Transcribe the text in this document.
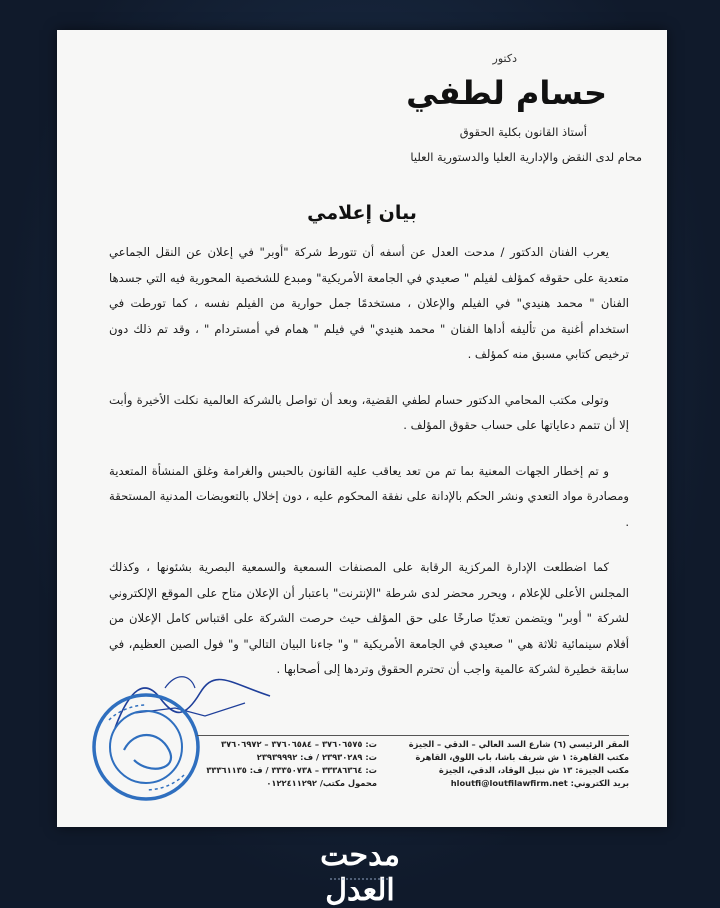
دكتور
حسام لطفي
أستاذ القانون بكلية الحقوق
محام لدى النقض والإدارية العليا والدستورية العليا
بيان إعلامي

يعرب الفنان الدكتور / مدحت العدل عن أسفه أن تتورط شركة "أوبر" في إعلان عن النقل الجماعي متعدية على حقوقه كمؤلف لفيلم " صعيدي في الجامعة الأمريكية" ومبدع للشخصية المحورية فيه التي جسدها الفنان " محمد هنيدي" في الفيلم والإعلان ، مستخدمًا جمل حوارية من الفيلم نفسه ، كما تورطت في استخدام أغنية من تأليفه أداها الفنان " محمد هنيدي" في فيلم " همام في أمستردام " ، وقد تم ذلك دون ترخيص كتابي مسبق منه كمؤلف .

وتولى مكتب المحامي الدكتور حسام لطفي القضية، وبعد أن تواصل بالشركة العالمية نكلت الأخيرة وأبت إلا أن تتمم دعاياتها على حساب حقوق المؤلف .

و تم إخطار الجهات المعنية بما تم من تعد يعاقب عليه القانون بالحبس والغرامة وغلق المنشأة المتعدية ومصادرة مواد التعدي ونشر الحكم بالإدانة على نفقة المحكوم عليه ، دون إخلال بالتعويضات المدنية المستحقة .

كما اضطلعت الإدارة المركزية الرقابة على المصنفات السمعية والسمعية البصرية بشئونها ، وكذلك المجلس الأعلى للإعلام ، ويحرر محضر لدى شرطة "الإنترنت" باعتبار أن الإعلان متاح على الموقع الإلكتروني لشركة " أوبر" ويتضمن تعديًا صارخًا على حق المؤلف حيث حرصت الشركة على اقتباس كامل الإعلان من أفلام سينمائية ثلاثة هي " صعيدي في الجامعة الأمريكية " و" جاءنا البيان التالي" و" فول الصين العظيم، في سابقة خطيرة لشركة عالمية واجب أن تحترم الحقوق وتردها إلى أصحابها .

المقر الرئيسي (٦) شارع السد العالي – الدقي – الجيزة
مكتب القاهرة: ١ ش شريف باشا، باب اللوق، القاهرة
مكتب الجيزة: ١٣ ش نبيل الوقاد، الدقي، الجيزة
بريد الكتروني: hloutfi@loutfilawfirm.net
ت: ٣٧٦٠٦٥٧٥ – ٣٧٦٠٦٥٨٤ – ٣٧٦٠٦٩٧٢
ت: ٢٣٩٣٠٢٨٩ / ف: ٢٣٩٣٩٩٩٢
ت: ٣٣٣٨٦٣٦٤ – ٣٣٣٥٠٧٣٨ / ف: ٣٣٣٦١١٣٥
محمول مكتب/ ٠١٢٢٤١١٢٩٢
مدحت العدل
